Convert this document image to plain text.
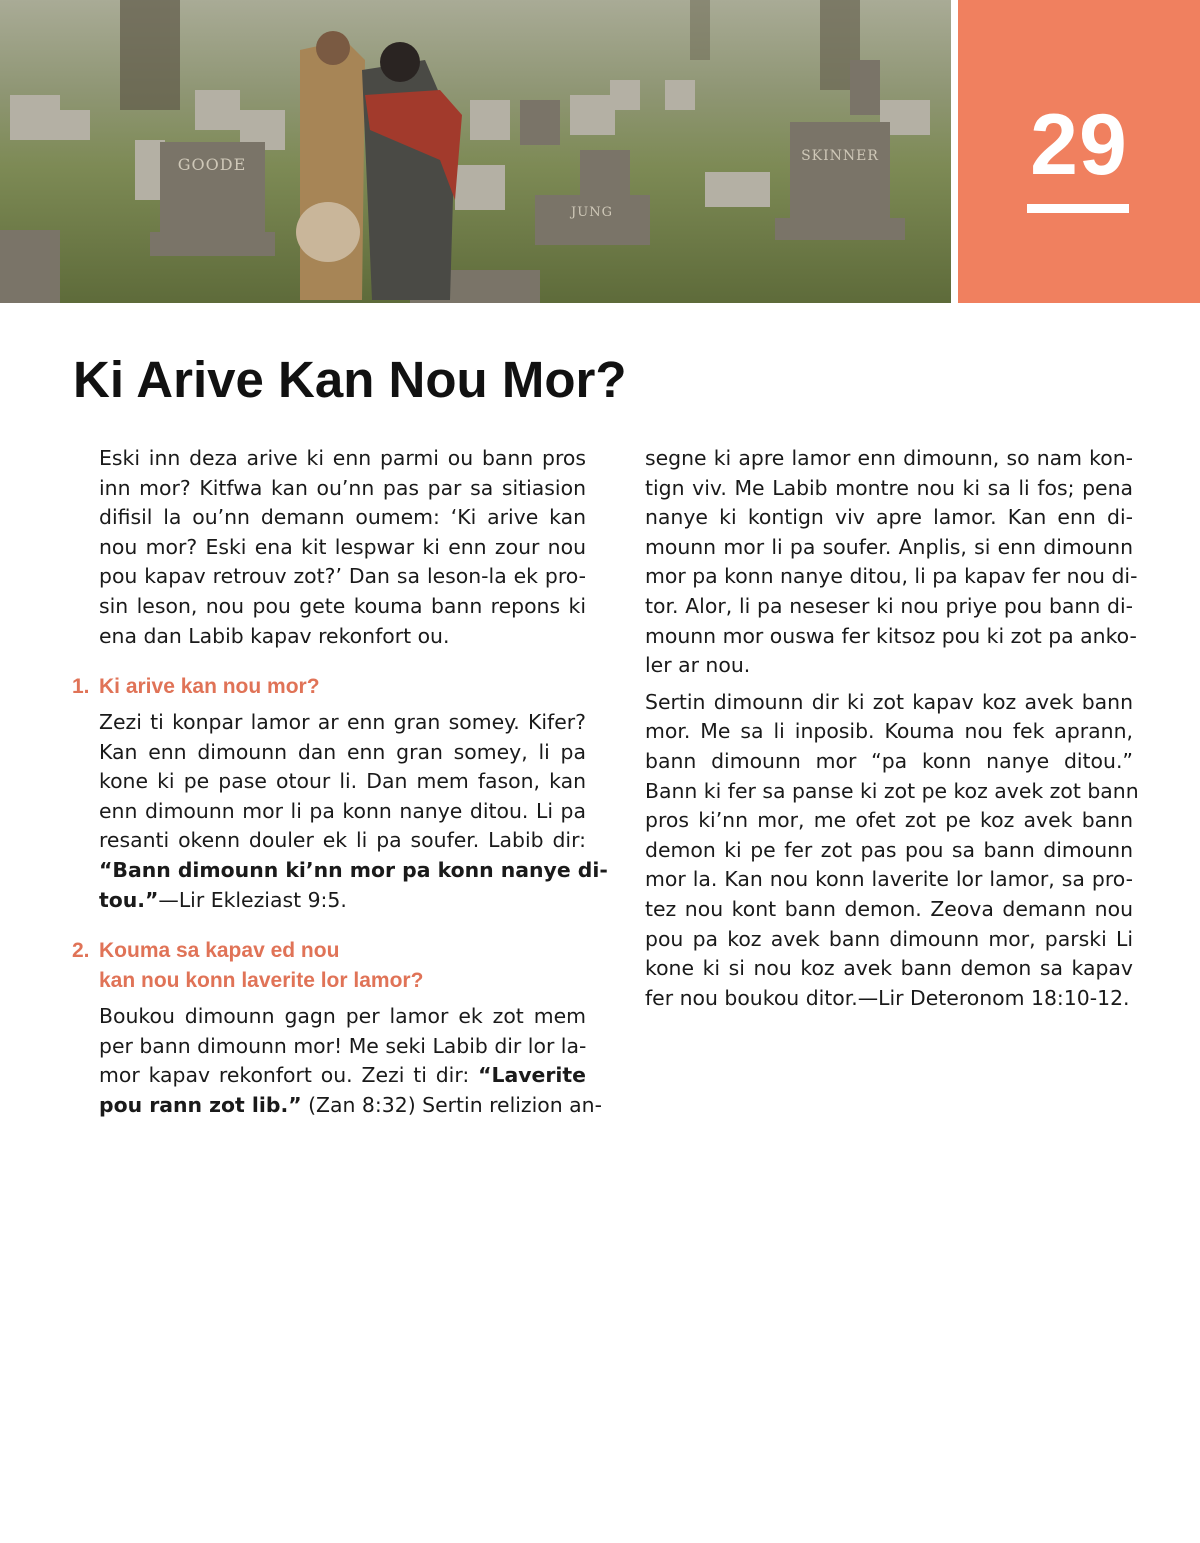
GOODE	SKINNER
JUNG
29
Ki Arive Kan Nou Mor?
Eski inn deza arive ki enn parmi ou bann pros
inn mor? Kitfwa kan ou’nn pas par sa sitiasion
difisil la ou’nn demann oumem: ‘Ki arive kan
nou mor? Eski ena kit lespwar ki enn zour nou
pou kapav retrouv zot?’ Dan sa leson-la ek pro-
sin leson, nou pou gete kouma bann repons ki
ena dan Labib kapav rekonfort ou.
1. Ki arive kan nou mor?
Zezi ti konpar lamor ar enn gran somey. Kifer?
Kan enn dimounn dan enn gran somey, li pa
kone ki pe pase otour li. Dan mem fason, kan
enn dimounn mor li pa konn nanye ditou. Li pa
resanti okenn douler ek li pa soufer. Labib dir:
“Bann dimounn ki’nn mor pa konn nanye di-
tou.”—Lir Ekleziast 9:5.
2. Kouma sa kapav ed nou
kan nou konn laverite lor lamor?
Boukou dimounn gagn per lamor ek zot mem
per bann dimounn mor! Me seki Labib dir lor la-
mor kapav rekonfort ou. Zezi ti dir: “Laverite
pou rann zot lib.” (Zan 8:32) Sertin relizion an-
segne ki apre lamor enn dimounn, so nam kon-
tign viv. Me Labib montre nou ki sa li fos; pena
nanye ki kontign viv apre lamor. Kan enn di-
mounn mor li pa soufer. Anplis, si enn dimounn
mor pa konn nanye ditou, li pa kapav fer nou di-
tor. Alor, li pa neseser ki nou priye pou bann di-
mounn mor ouswa fer kitsoz pou ki zot pa anko-
ler ar nou.
Sertin dimounn dir ki zot kapav koz avek bann
mor. Me sa li inposib. Kouma nou fek aprann,
bann dimounn mor “pa konn nanye ditou.”
Bann ki fer sa panse ki zot pe koz avek zot bann
pros ki’nn mor, me ofet zot pe koz avek bann
demon ki pe fer zot pas pou sa bann dimounn
mor la. Kan nou konn laverite lor lamor, sa pro-
tez nou kont bann demon. Zeova demann nou
pou pa koz avek bann dimounn mor, parski Li
kone ki si nou koz avek bann demon sa kapav
fer nou boukou ditor.—Lir Deteronom 18:10-12.
